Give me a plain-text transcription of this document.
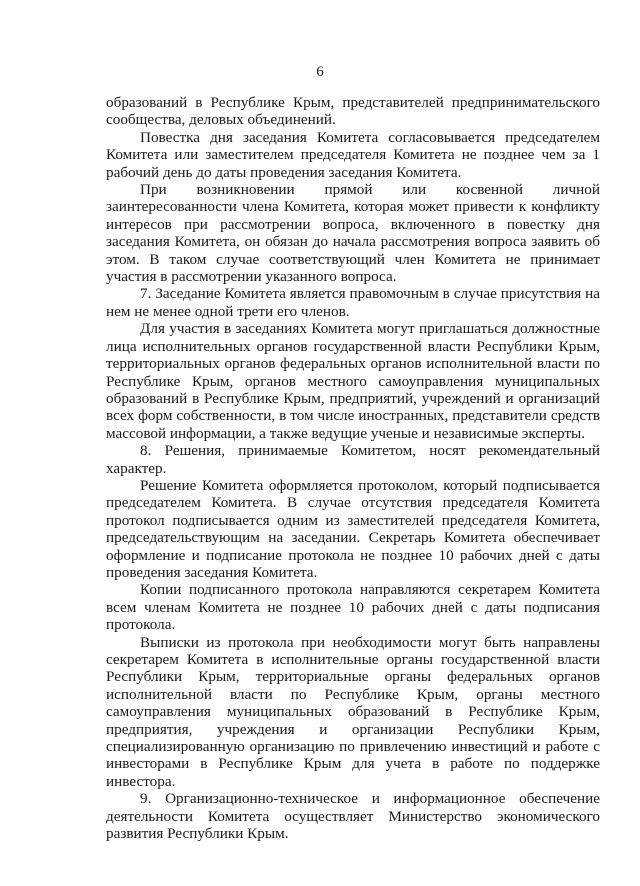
6

образований в Республике Крым, представителей предпринимательского сообщества, деловых объединений.

Повестка дня заседания Комитета согласовывается председателем Комитета или заместителем председателя Комитета не позднее чем за 1 рабочий день до даты проведения заседания Комитета.

При возникновении прямой или косвенной личной заинтересованности члена Комитета, которая может привести к конфликту интересов при рассмотрении вопроса, включенного в повестку дня заседания Комитета, он обязан до начала рассмотрения вопроса заявить об этом. В таком случае соответствующий член Комитета не принимает участия в рассмотрении указанного вопроса.

7. Заседание Комитета является правомочным в случае присутствия на нем не менее одной трети его членов.

Для участия в заседаниях Комитета могут приглашаться должностные лица исполнительных органов государственной власти Республики Крым, территориальных органов федеральных органов исполнительной власти по Республике Крым, органов местного самоуправления муниципальных образований в Республике Крым, предприятий, учреждений и организаций всех форм собственности, в том числе иностранных, представители средств массовой информации, а также ведущие ученые и независимые эксперты.

8. Решения, принимаемые Комитетом, носят рекомендательный характер.

Решение Комитета оформляется протоколом, который подписывается председателем Комитета. В случае отсутствия председателя Комитета протокол подписывается одним из заместителей председателя Комитета, председательствующим на заседании. Секретарь Комитета обеспечивает оформление и подписание протокола не позднее 10 рабочих дней с даты проведения заседания Комитета.

Копии подписанного протокола направляются секретарем Комитета всем членам Комитета не позднее 10 рабочих дней с даты подписания протокола.

Выписки из протокола при необходимости могут быть направлены секретарем Комитета в исполнительные органы государственной власти Республики Крым, территориальные органы федеральных органов исполнительной власти по Республике Крым, органы местного самоуправления муниципальных образований в Республике Крым, предприятия, учреждения и организации Республики Крым, специализированную организацию по привлечению инвестиций и работе с инвесторами в Республике Крым для учета в работе по поддержке инвестора.

9. Организационно-техническое и информационное обеспечение деятельности Комитета осуществляет Министерство экономического развития Республики Крым.
